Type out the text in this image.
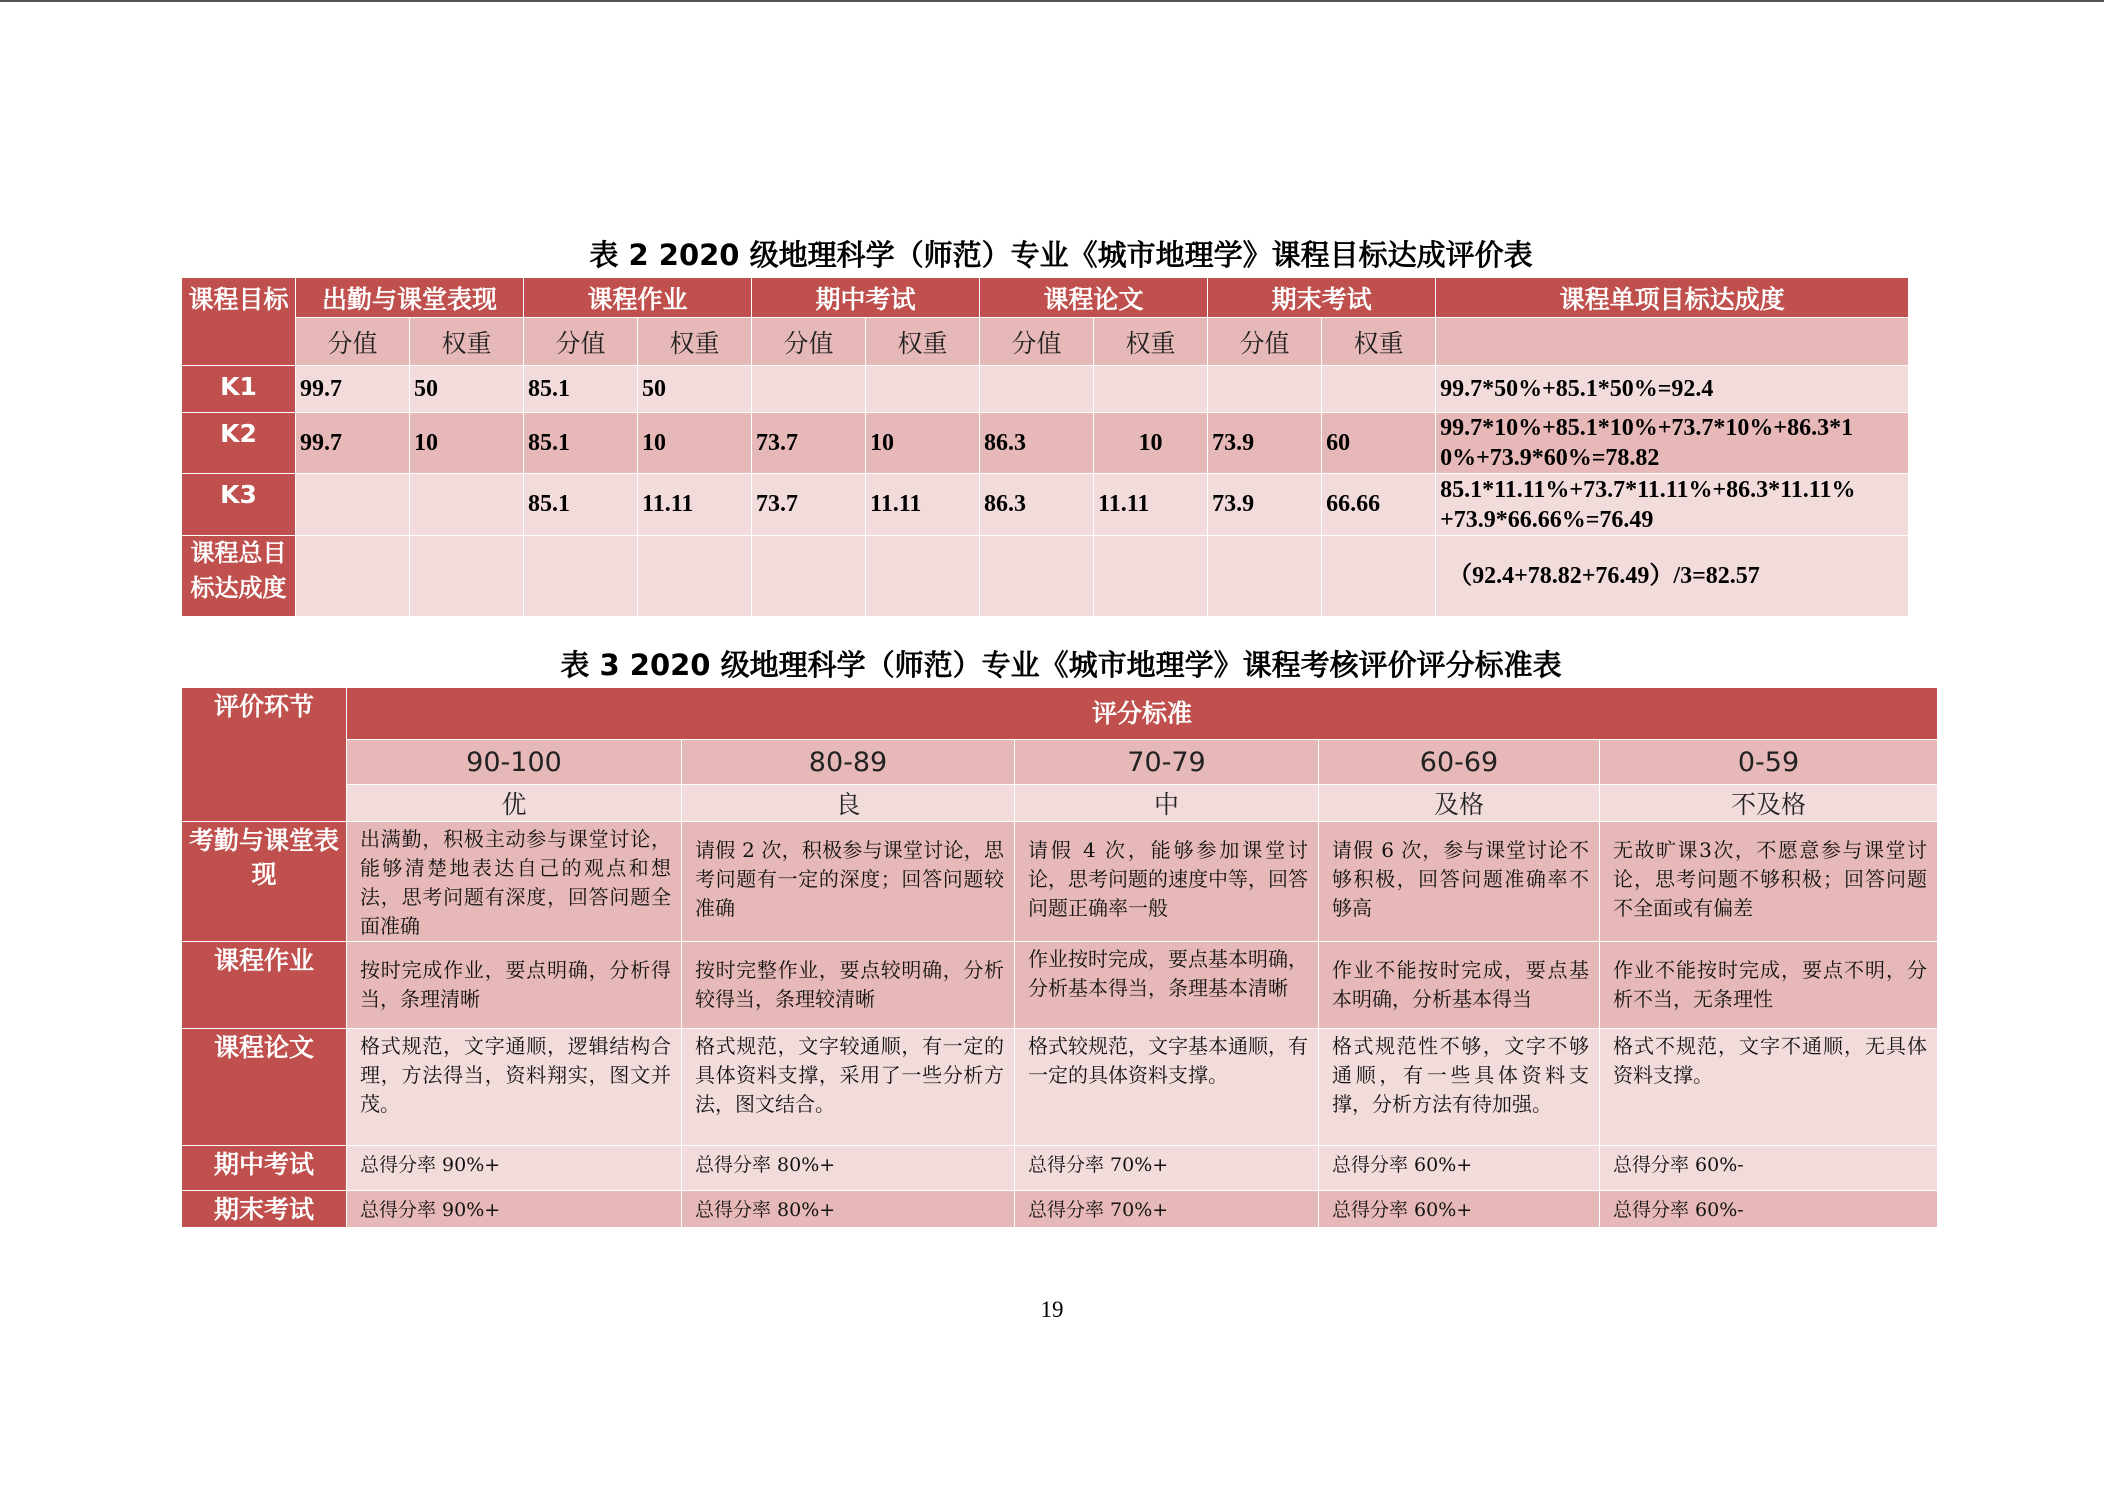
表 2 2020 级地理科学（师范）专业《城市地理学》课程目标达成评价表
课程目标	出勤与课堂表现		课程作业		期中考试		课程论文		期末考试		课程单项目标达成度
	分值	权重	分值	权重	分值	权重	分值	权重	分值	权重	
K1	99.7	50	85.1	50							99.7*50%+85.1*50%=92.4
K2	99.7	10	85.1	10	73.7	10	86.3	10	73.9	60	99.7*10%+85.1*10%+73.7*10%+86.3*1
0%+73.9*60%=78.82
K3			85.1	11.11	73.7	11.11	86.3	11.11	73.9	66.66	85.1*11.11%+73.7*11.11%+86.3*11.11%
+73.9*66.66%=76.49
课程总目标达成度											（92.4+78.82+76.49）/3=82.57
表 3 2020 级地理科学（师范）专业《城市地理学》课程考核评价评分标准表
评价环节	评分标准				
	90-100	80-89	70-79	60-69	0-59
	优	良	中	及格	不及格
考勤与课堂表现	出满勤，积极主动参与课堂讨论，能够清楚地表达自己的观点和想法，思考问题有深度，回答问题全面准确	请假 2 次，积极参与课堂讨论，思考问题有一定的深度；回答问题较准确	请假 4 次，能够参加课堂讨论，思考问题的速度中等，回答问题正确率一般	请假 6 次，参与课堂讨论不够积极，回答问题准确率不够高	无故旷课3次，不愿意参与课堂讨论，思考问题不够积极；回答问题不全面或有偏差
课程作业	按时完成作业，要点明确，分析得当，条理清晰	按时完整作业，要点较明确，分析较得当，条理较清晰	作业按时完成，要点基本明确，分析基本得当，条理基本清晰	作业不能按时完成，要点基本明确，分析基本得当	作业不能按时完成，要点不明，分析不当，无条理性
课程论文	格式规范，文字通顺，逻辑结构合理，方法得当，资料翔实，图文并茂。	格式规范，文字较通顺，有一定的具体资料支撑，采用了一些分析方法，图文结合。	格式较规范，文字基本通顺，有一定的具体资料支撑。	格式规范性不够，文字不够通顺，有一些具体资料支撑，分析方法有待加强。	格式不规范，文字不通顺，无具体资料支撑。
期中考试	总得分率 90%+	总得分率 80%+	总得分率 70%+	总得分率 60%+	总得分率 60%-
期末考试	总得分率 90%+	总得分率 80%+	总得分率 70%+	总得分率 60%+	总得分率 60%-
19
